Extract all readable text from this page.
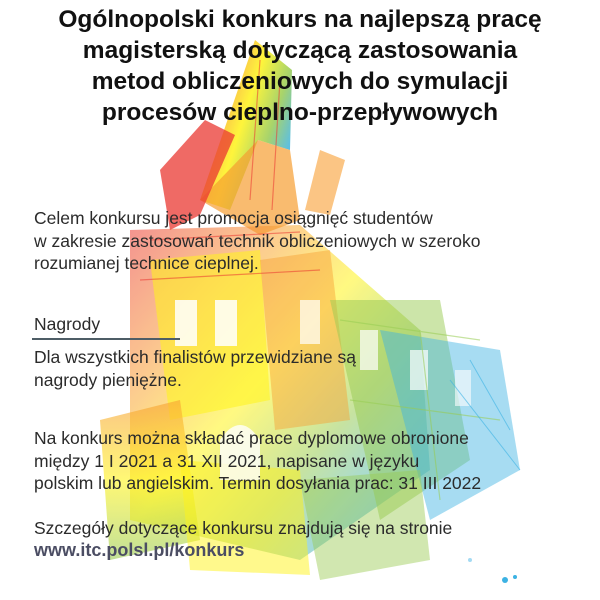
Ogólnopolski konkurs na najlepszą pracę
magisterską dotyczącą zastosowania
metod obliczeniowych do symulacji
procesów cieplno-przepływowych

Celem konkursu jest promocja osiągnięć studentów
w zakresie zastosowań technik obliczeniowych w szeroko
rozumianej technice cieplnej.

Nagrody

Dla wszystkich finalistów przewidziane są
nagrody pieniężne.

Na konkurs można składać prace dyplomowe obronione
między 1 I 2021 a 31 XII 2021, napisane w języku
polskim lub angielskim. Termin dosyłania prac: 31 III 2022

Szczegóły dotyczące konkursu znajdują się na stronie

www.itc.polsl.pl/konkurs
